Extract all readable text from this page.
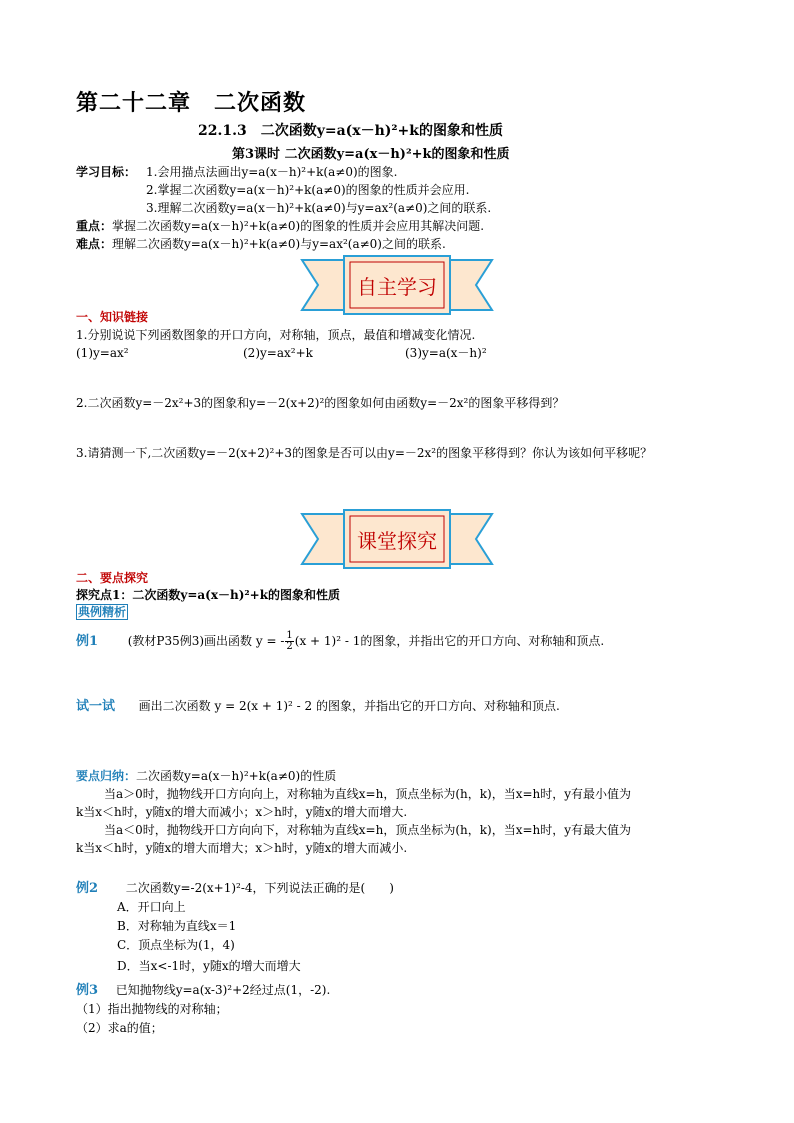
第二十二章　二次函数
22.1.3　二次函数y=a(x－h)²+k的图象和性质
第3课时 二次函数y=a(x－h)²+k的图象和性质
学习目标： 1.会用描点法画出y=a(x－h)²+k(a≠0)的图象.
2.掌握二次函数y=a(x－h)²+k(a≠0)的图象的性质并会应用.
3.理解二次函数y=a(x－h)²+k(a≠0)与y=ax²(a≠0)之间的联系.
重点：掌握二次函数y=a(x－h)²+k(a≠0)的图象的性质并会应用其解决问题.
难点：理解二次函数y=a(x－h)²+k(a≠0)与y=ax²(a≠0)之间的联系.
自主学习
一、知识链接
1.分别说说下列函数图象的开口方向，对称轴，顶点，最值和增减变化情况.
(1)y=ax²	(2)y=ax²+k	(3)y=a(x－h)²
2.二次函数y=－2x²+3的图象和y=－2(x+2)²的图象如何由函数y=－2x²的图象平移得到？
3.请猜测一下,二次函数y=－2(x+2)²+3的图象是否可以由y=－2x²的图象平移得到？你认为该如何平移呢？
课堂探究
二、要点探究
探究点1：二次函数y=a(x－h)²+k的图象和性质
典例精析
例1 (教材P35例3)画出函数 y = - $\frac{1}{2} (x + 1)^2 - 1$的图象，并指出它的开口方向、对称轴和顶点.
试一试 画出二次函数 y = 2(x + 1)² - 2 的图象，并指出它的开口方向、对称轴和顶点.
要点归纳：二次函数y=a(x－h)²+k(a≠0)的性质
当a＞0时，抛物线开口方向向上，对称轴为直线x=h，顶点坐标为(h，k)，当x=h时，y有最小值为
k当x＜h时，y随x的增大而减小；x＞h时，y随x的增大而增大.
当a＜0时，抛物线开口方向向下，对称轴为直线x=h，顶点坐标为(h，k)，当x=h时，y有最大值为
k当x＜h时，y随x的增大而增大；x＞h时，y随x的增大而减小.
例2 二次函数y=-2(x+1)²-4，下列说法正确的是(　　)
A．开口向上
B．对称轴为直线x＝1
C．顶点坐标为(1，4)
D．当x<-1时，y随x的增大而增大
例3 已知抛物线y=a(x-3)²+2经过点(1，-2).
（1）指出抛物线的对称轴；
（2）求a的值；
